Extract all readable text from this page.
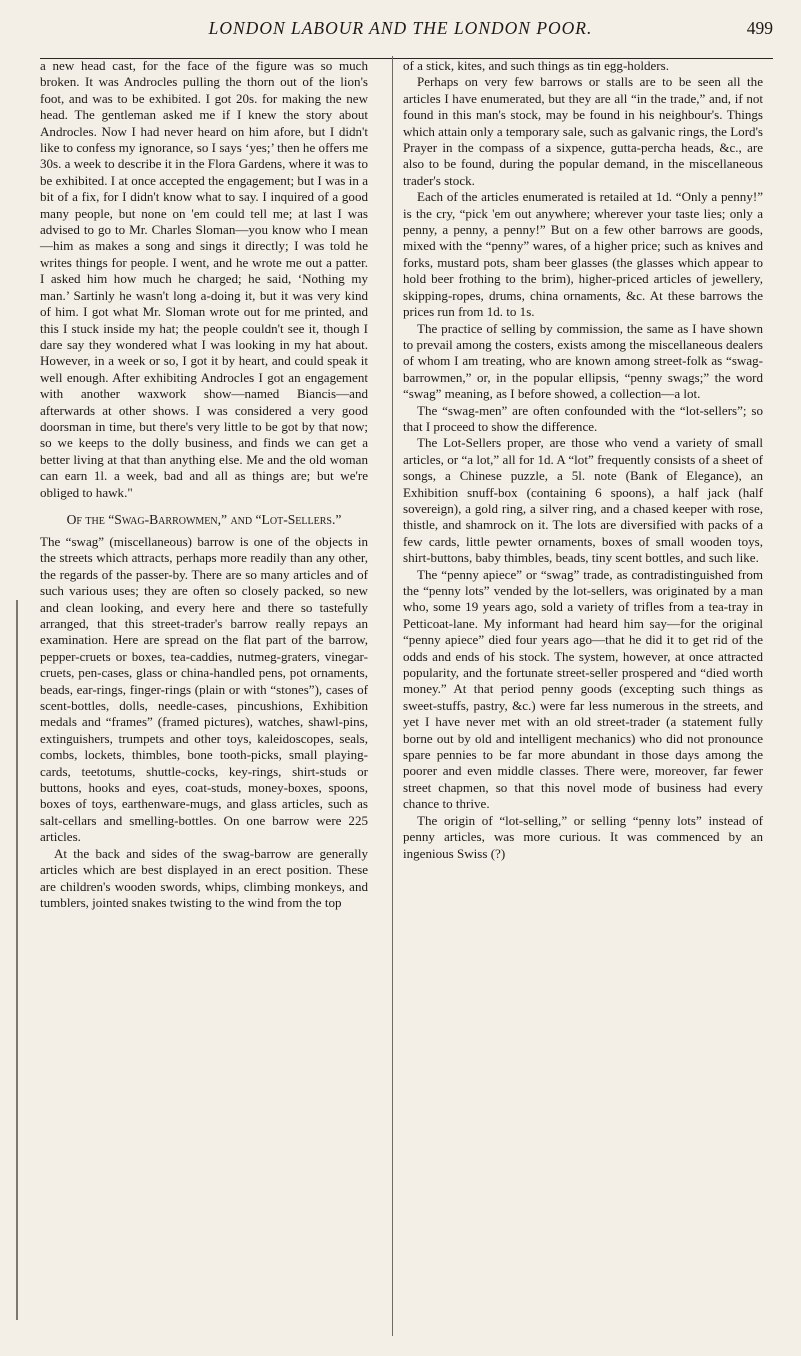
LONDON LABOUR AND THE LONDON POOR.	499

a new head cast, for the face of the figure was so much broken. It was Androcles pulling the thorn out of the lion's foot, and was to be exhibited. I got 20s. for making the new head. The gentleman asked me if I knew the story about Androcles. Now I had never heard on him afore, but I didn't like to confess my ignorance, so I says ‘yes;’ then he offers me 30s. a week to describe it in the Flora Gardens, where it was to be exhibited. I at once accepted the engagement; but I was in a bit of a fix, for I didn't know what to say. I inquired of a good many people, but none on 'em could tell me; at last I was advised to go to Mr. Charles Sloman—you know who I mean—him as makes a song and sings it directly; I was told he writes things for people. I went, and he wrote me out a patter. I asked him how much he charged; he said, ‘Nothing my man.’ Sartinly he wasn't long a-doing it, but it was very kind of him. I got what Mr. Sloman wrote out for me printed, and this I stuck inside my hat; the people couldn't see it, though I dare say they wondered what I was looking in my hat about. However, in a week or so, I got it by heart, and could speak it well enough. After exhibiting Androcles I got an engagement with another waxwork show—named Biancis—and afterwards at other shows. I was considered a very good doorsman in time, but there's very little to be got by that now; so we keeps to the dolly business, and finds we can get a better living at that than anything else. Me and the old woman can earn 1l. a week, bad and all as things are; but we're obliged to hawk."

Of the “Swag-Barrowmen,” and “Lot-Sellers.”

The “swag” (miscellaneous) barrow is one of the objects in the streets which attracts, perhaps more readily than any other, the regards of the passer-by. There are so many articles and of such various uses; they are often so closely packed, so new and clean looking, and every here and there so tastefully arranged, that this street-trader's barrow really repays an examination. Here are spread on the flat part of the barrow, pepper-cruets or boxes, tea-caddies, nutmeg-graters, vinegar-cruets, pen-cases, glass or china-handled pens, pot ornaments, beads, ear-rings, finger-rings (plain or with “stones”), cases of scent-bottles, dolls, needle-cases, pincushions, Exhibition medals and “frames” (framed pictures), watches, shawl-pins, extinguishers, trumpets and other toys, kaleidoscopes, seals, combs, lockets, thimbles, bone tooth-picks, small playing-cards, teetotums, shuttle-cocks, key-rings, shirt-studs or buttons, hooks and eyes, coat-studs, money-boxes, spoons, boxes of toys, earthenware-mugs, and glass articles, such as salt-cellars and smelling-bottles. On one barrow were 225 articles.

At the back and sides of the swag-barrow are generally articles which are best displayed in an erect position. These are children's wooden swords, whips, climbing monkeys, and tumblers, jointed snakes twisting to the wind from the top

of a stick, kites, and such things as tin egg-holders.

Perhaps on very few barrows or stalls are to be seen all the articles I have enumerated, but they are all “in the trade,” and, if not found in this man's stock, may be found in his neighbour's. Things which attain only a temporary sale, such as galvanic rings, the Lord's Prayer in the compass of a sixpence, gutta-percha heads, &c., are also to be found, during the popular demand, in the miscellaneous trader's stock.

Each of the articles enumerated is retailed at 1d. “Only a penny!” is the cry, “pick 'em out anywhere; wherever your taste lies; only a penny, a penny, a penny!” But on a few other barrows are goods, mixed with the “penny” wares, of a higher price; such as knives and forks, mustard pots, sham beer glasses (the glasses which appear to hold beer frothing to the brim), higher-priced articles of jewellery, skipping-ropes, drums, china ornaments, &c. At these barrows the prices run from 1d. to 1s.

The practice of selling by commission, the same as I have shown to prevail among the costers, exists among the miscellaneous dealers of whom I am treating, who are known among street-folk as “swag-barrowmen,” or, in the popular ellipsis, “penny swags;” the word “swag” meaning, as I before showed, a collection—a lot.

The “swag-men” are often confounded with the “lot-sellers”; so that I proceed to show the difference.

The Lot-Sellers proper, are those who vend a variety of small articles, or “a lot,” all for 1d. A “lot” frequently consists of a sheet of songs, a Chinese puzzle, a 5l. note (Bank of Elegance), an Exhibition snuff-box (containing 6 spoons), a half jack (half sovereign), a gold ring, a silver ring, and a chased keeper with rose, thistle, and shamrock on it. The lots are diversified with packs of a few cards, little pewter ornaments, boxes of small wooden toys, shirt-buttons, baby thimbles, beads, tiny scent bottles, and such like.

The “penny apiece” or “swag” trade, as contradistinguished from the “penny lots” vended by the lot-sellers, was originated by a man who, some 19 years ago, sold a variety of trifles from a tea-tray in Petticoat-lane. My informant had heard him say—for the original “penny apiece” died four years ago—that he did it to get rid of the odds and ends of his stock. The system, however, at once attracted popularity, and the fortunate street-seller prospered and “died worth money.” At that period penny goods (excepting such things as sweet-stuffs, pastry, &c.) were far less numerous in the streets, and yet I have never met with an old street-trader (a statement fully borne out by old and intelligent mechanics) who did not pronounce spare pennies to be far more abundant in those days among the poorer and even middle classes. There were, moreover, far fewer street chapmen, so that this novel mode of business had every chance to thrive.

The origin of “lot-selling,” or selling “penny lots” instead of penny articles, was more curious. It was commenced by an ingenious Swiss (?)
